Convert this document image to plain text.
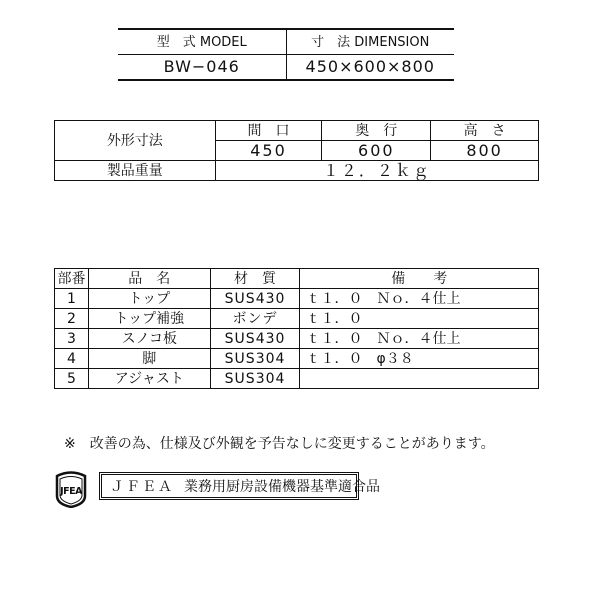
型　式 MODEL	寸　法 DIMENSION
BW−046	450×600×800
外形寸法	間　口	奥　行	高　さ
	450	600	800
製品重量	１２．２ｋｇ		
部番	品　名	材　質	備　　考
1	トップ	SUS430	ｔ１．０　Ｎｏ．４仕上
2	トップ補強	ボンデ	ｔ１．０
3	スノコ板	SUS430	ｔ１．０　Ｎｏ．４仕上
4	脚	SUS304	ｔ１．０　φ３８
5	アジャスト	SUS304	
※ 改善の為、仕様及び外観を予告なしに変更することがあります。
JFEA ＪＦＥＡ 業務用厨房設備機器基準適合品
